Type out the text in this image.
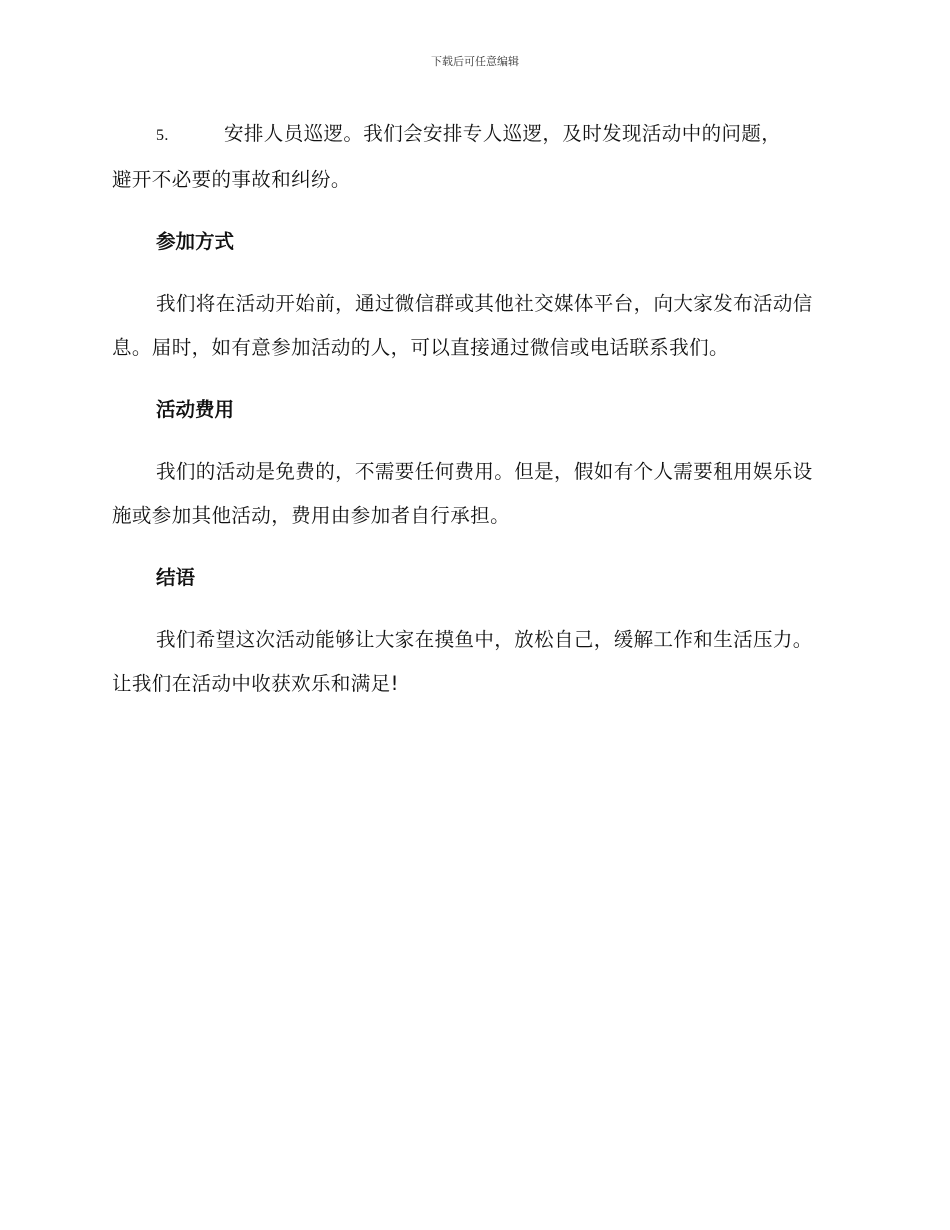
下载后可任意编辑
5.	安排人员巡逻。我们会安排专人巡逻，及时发现活动中的问题，
避开不必要的事故和纠纷。
参加方式

我们将在活动开始前，通过微信群或其他社交媒体平台，向大家发布活动信息。届时，如有意参加活动的人，可以直接通过微信或电话联系我们。

活动费用

我们的活动是免费的，不需要任何费用。但是，假如有个人需要租用娱乐设施或参加其他活动，费用由参加者自行承担。

结语

我们希望这次活动能够让大家在摸鱼中，放松自己，缓解工作和生活压力。让我们在活动中收获欢乐和满足!
